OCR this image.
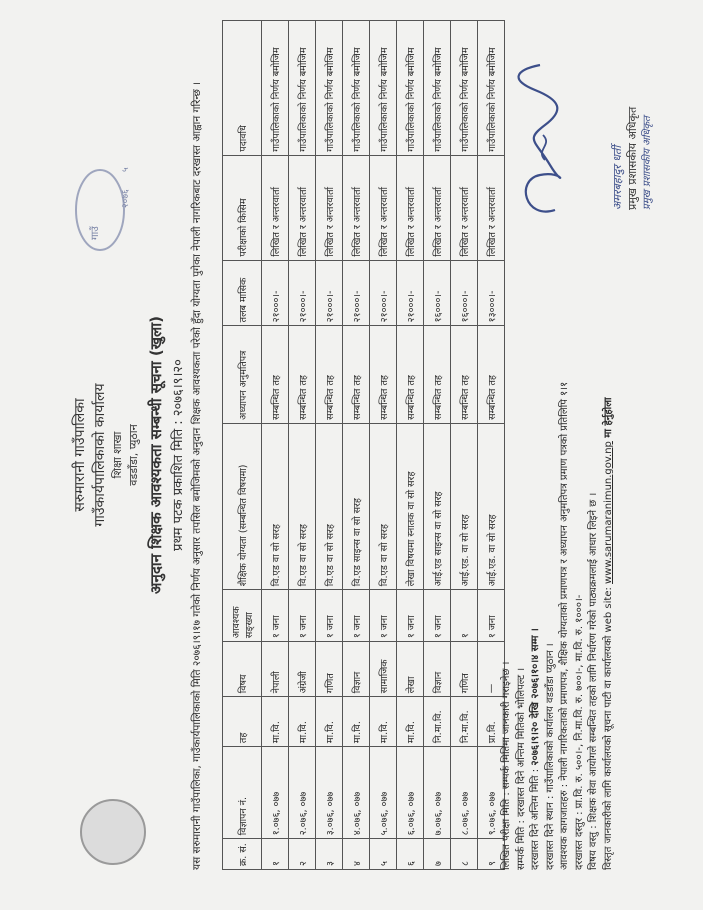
सरुमारानी गाउँपालिका गाउँकार्यपालिकाको कार्यालय शिक्षा शाखा वडडाँडा, प्युठान अनुदान शिक्षक आवश्यकता सम्बन्धी सूचना (खुला) प्रथम पटक प्रकाशित मिति : २०७६।९।२०
गाउँ
२०७६
५	यस सरुमारानी गाउँपालिका, गाउँकार्यपालिकाको मिति २०७६।९।१७ गतेको निर्णय अनुसार तपसिल बमोजिमको अनुदान शिक्षक आवश्यकता परेको हुँदा योग्यता पुगेका नेपाली नागरिकबाट दरखास्त आह्वान गरिन्छ ।	क्र. सं.	विज्ञापन नं.	तह	विषय	आवश्यक सङ्ख्या	शैक्षिक योग्यता (सम्बन्धित विषयमा)	अध्यापन अनुमतिपत्र	तलब मासिक	परीक्षाको किसिम	पदावधि
१	१.०७६, ०७७	मा.वि.	नेपाली	१ जना	वि.एड वा सो सरह	सम्बन्धित तह	२१०००।-	लिखित र अन्तरवार्ता	गाउँपालिकाको निर्णय बमोजिम
२	२.०७६, ०७७	मा.वि.	अंग्रेजी	१ जना	वि.एड वा सो सरह	सम्बन्धित तह	२१०००।-	लिखित र अन्तरवार्ता	गाउँपालिकाको निर्णय बमोजिम
३	३.०७६, ०७७	मा.वि.	गणित	१ जना	वि.एड वा सो सरह	सम्बन्धित तह	२१०००।-	लिखित र अन्तरवार्ता	गाउँपालिकाको निर्णय बमोजिम
४	४.०७६, ०७७	मा.वि.	विज्ञान	१ जना	वि.एड साइन्स वा सो सरह	सम्बन्धित तह	२१०००।-	लिखित र अन्तरवार्ता	गाउँपालिकाको निर्णय बमोजिम
५	५.०७६, ०७७	मा.वि.	सामाजिक	१ जना	वि.एड वा सो सरह	सम्बन्धित तह	२१०००।-	लिखित र अन्तरवार्ता	गाउँपालिकाको निर्णय बमोजिम
६	६.०७६, ०७७	मा.वि.	लेखा	१ जना	लेखा विषयमा स्नातक वा सो सरह	सम्बन्धित तह	२१०००।-	लिखित र अन्तरवार्ता	गाउँपालिकाको निर्णय बमोजिम
७	७.०७६, ०७७	नि.मा.वि.	विज्ञान	१ जना	आई.एड साइन्स वा सो सरह	सम्बन्धित तह	१६०००।-	लिखित र अन्तरवार्ता	गाउँपालिकाको निर्णय बमोजिम
८	८.०७६, ०७७	नि.मा.वि.	गणित	१	आई.एड. वा सो सरह	सम्बन्धित तह	१६०००।-	लिखित र अन्तरवार्ता	गाउँपालिकाको निर्णय बमोजिम
९	९.०७६, ०७७	प्रा.वि.	—	१ जना	आई.एड. वा सो सरह	सम्बन्धित तह	१३०००।-	लिखित र अन्तरवार्ता	गाउँपालिकाको निर्णय बमोजिम
लिखित परीक्षा मिति : सम्पर्क मितिमा जानकारी गराइनेछ । सम्पर्क मिति : दरखास्त दिने अन्तिम मितिको भोलिपल्ट । दरखास्त दिने अन्तिम मिति : २०७६।९।२० देखि २०७६।१०।४ सम्म । दरखास्त दिने स्थान : गाउँपालिकाको कार्यालय वडडाँडा प्युठान । आवश्यक कागजातहरु : नेपाली नागरिकताको प्रमाणपत्र, शैक्षिक योग्यताको प्रमाणपत्र र अध्यापन अनुमतिपत्र प्रमाण पत्रको प्रतिलिपि १।१ दरखास्त दस्तुर : प्रा.वि. रु. ५००।-, नि.मा.वि. रु. ७००।-, मा.वि. रु. १०००।- विषय वस्तु : शिक्षक सेवा आयोगले सम्बन्धित तहको लागि निर्धारण गरेको पाठ्यक्रमलाई आधार लिइने छ । विस्तृत जानकारीको लागि कार्यालयको सूचना पाटी वा कार्यालयको web site: www.sarumaranimun.gov.np मा हेर्नुहोला
अमरबहादुर धर्ती प्रमुख प्रशासकीय अधिकृत प्रमुख प्रशासकीय अधिकृत
